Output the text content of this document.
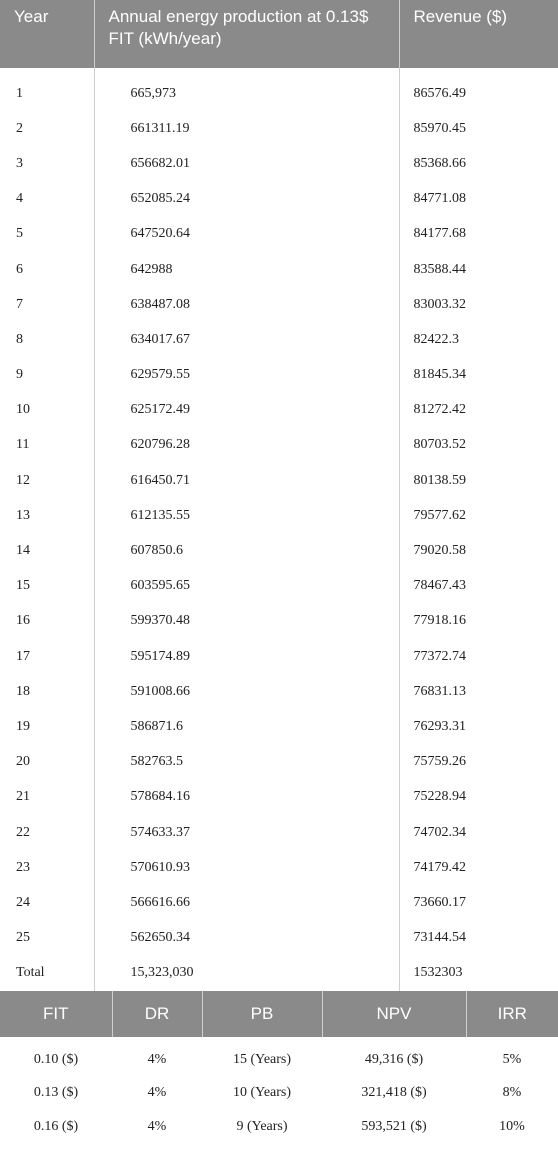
Year	Annual energy production at 0.13$ FIT (kWh/year)	Revenue ($)
1	665,973	86576.49
2	661311.19	85970.45
3	656682.01	85368.66
4	652085.24	84771.08
5	647520.64	84177.68
6	642988	83588.44
7	638487.08	83003.32
8	634017.67	82422.3
9	629579.55	81845.34
10	625172.49	81272.42
11	620796.28	80703.52
12	616450.71	80138.59
13	612135.55	79577.62
14	607850.6	79020.58
15	603595.65	78467.43
16	599370.48	77918.16
17	595174.89	77372.74
18	591008.66	76831.13
19	586871.6	76293.31
20	582763.5	75759.26
21	578684.16	75228.94
22	574633.37	74702.34
23	570610.93	74179.42
24	566616.66	73660.17
25	562650.34	73144.54
Total	15,323,030	1532303
FIT	DR	PB	NPV	IRR
0.10 ($)	4%	15 (Years)	49,316 ($)	5%
0.13 ($)	4%	10 (Years)	321,418 ($)	8%
0.16 ($)	4%	9 (Years)	593,521 ($)	10%
